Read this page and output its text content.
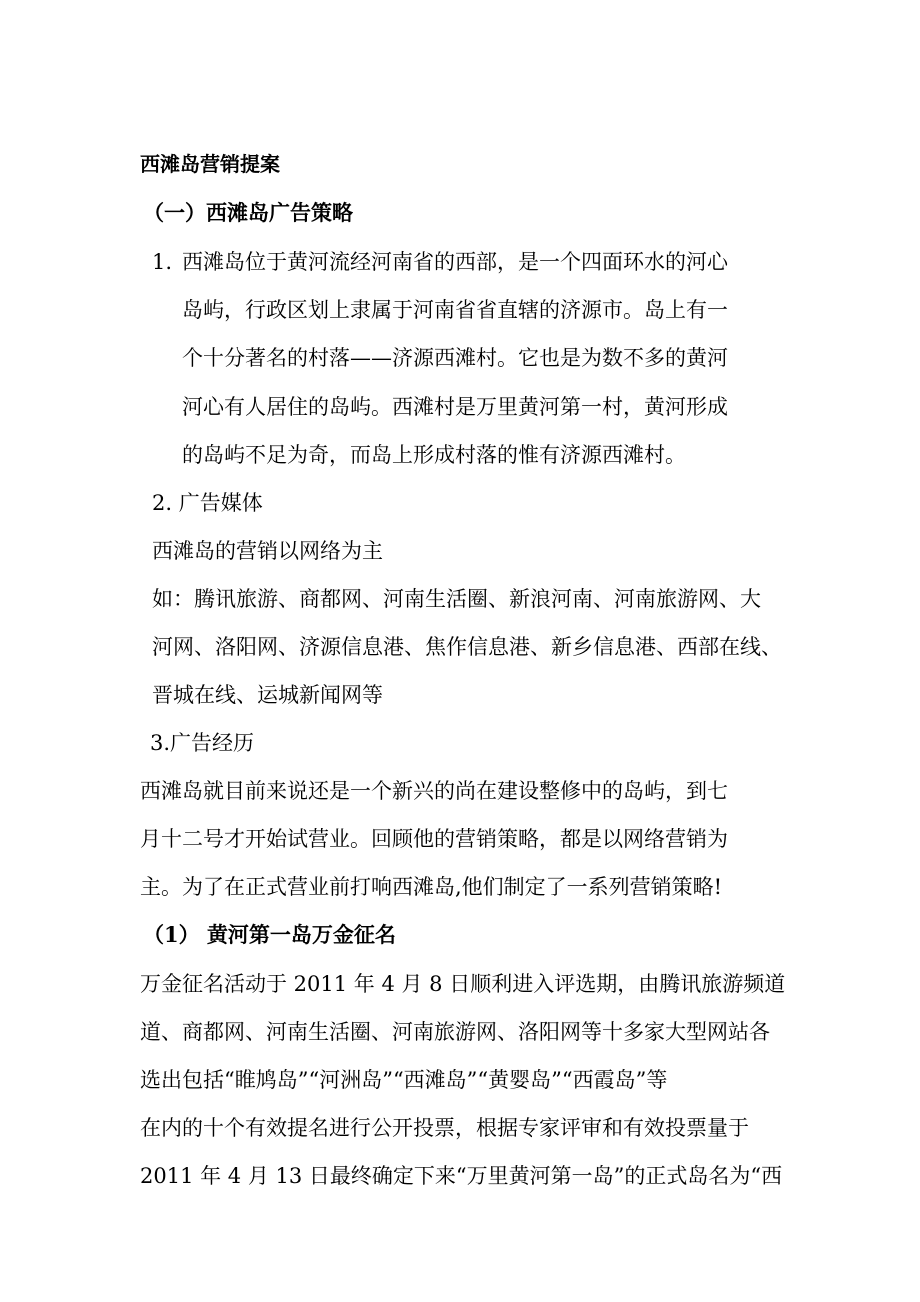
西滩岛营销提案
（一）西滩岛广告策略
1. 西滩岛位于黄河流经河南省的西部，是一个四面环水的河心
岛屿，行政区划上隶属于河南省省直辖的济源市。岛上有一
个十分著名的村落——济源西滩村。它也是为数不多的黄河
河心有人居住的岛屿。西滩村是万里黄河第一村，黄河形成
的岛屿不足为奇，而岛上形成村落的惟有济源西滩村。
2. 广告媒体
西滩岛的营销以网络为主
如：腾讯旅游、商都网、河南生活圈、新浪河南、河南旅游网、大
河网、洛阳网、济源信息港、焦作信息港、新乡信息港、西部在线、
晋城在线、运城新闻网等
3.广告经历
西滩岛就目前来说还是一个新兴的尚在建设整修中的岛屿，到七
月十二号才开始试营业。回顾他的营销策略，都是以网络营销为
主。为了在正式营业前打响西滩岛,他们制定了一系列营销策略!
（1） 黄河第一岛万金征名
万金征名活动于 2011 年 4 月 8 日顺利进入评选期，由腾讯旅游频道
道、商都网、河南生活圈、河南旅游网、洛阳网等十多家大型网站各
选出包括“睢鸠岛”“河洲岛”“西滩岛”“黄婴岛”“西霞岛”等
在内的十个有效提名进行公开投票，根据专家评审和有效投票量于
2011 年 4 月 13 日最终确定下来“万里黄河第一岛”的正式岛名为“西
